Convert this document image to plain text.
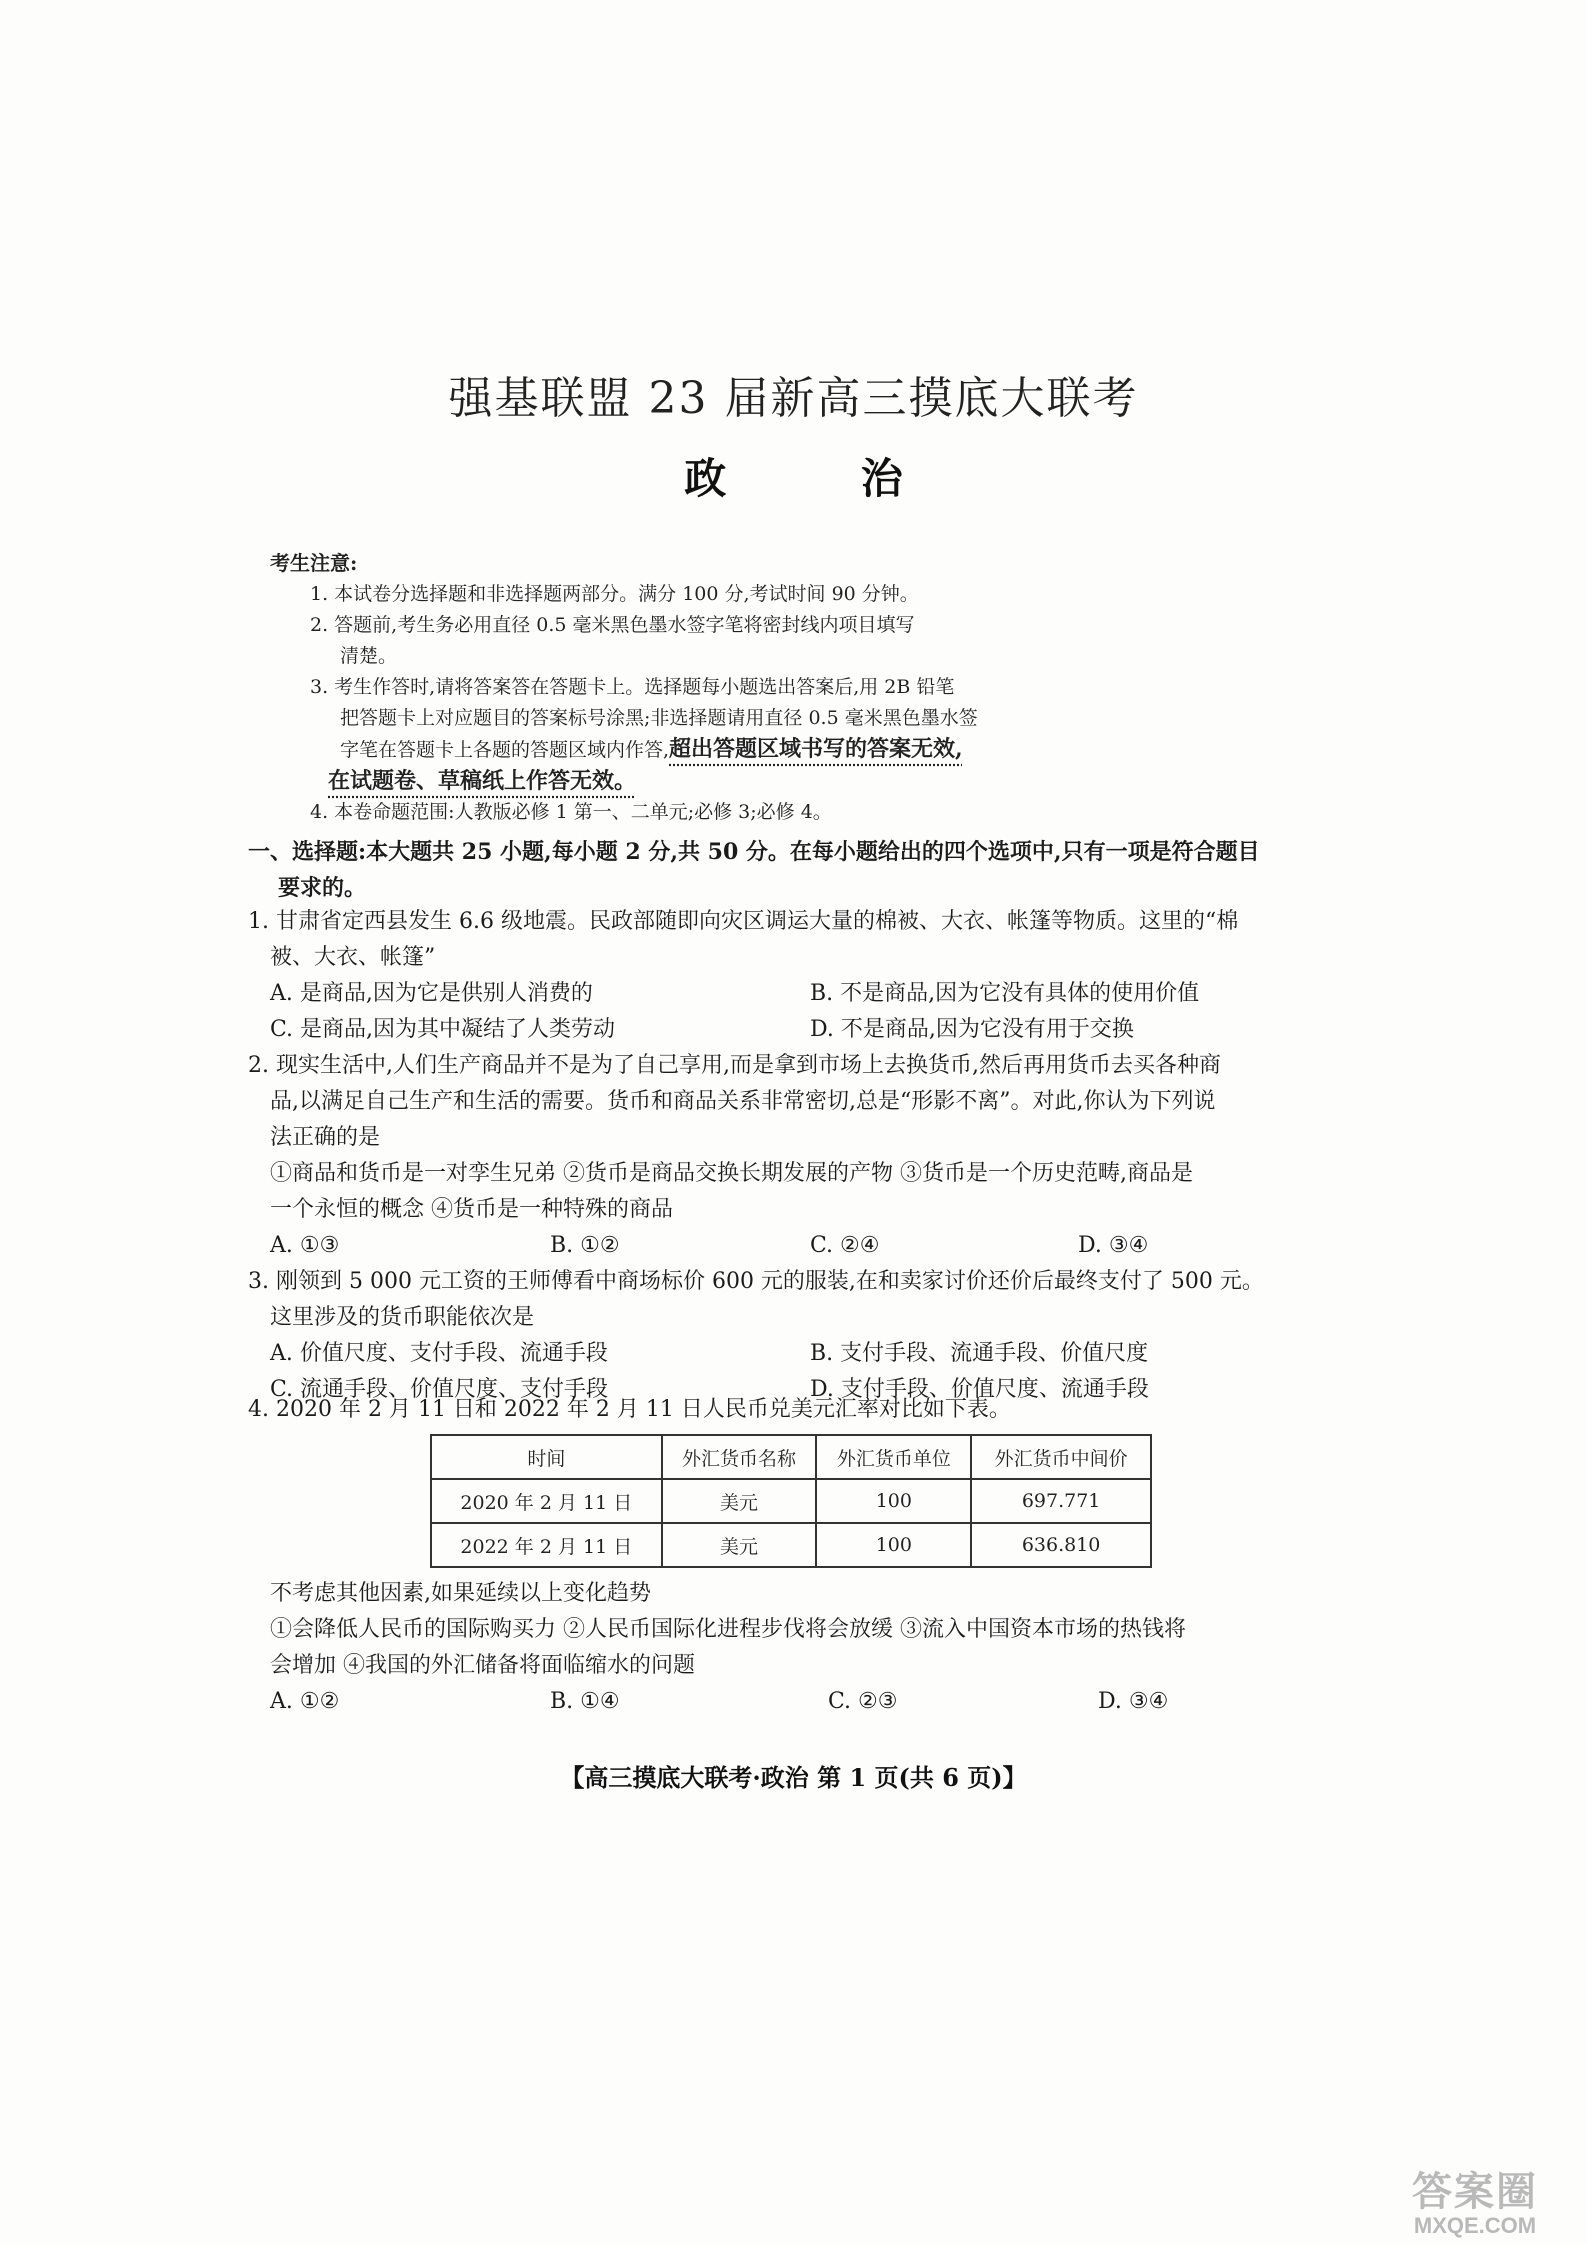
强基联盟 23 届新高三摸底大联考
政 治
考生注意:
1. 本试卷分选择题和非选择题两部分。满分 100 分,考试时间 90 分钟。
2. 答题前,考生务必用直径 0.5 毫米黑色墨水签字笔将密封线内项目填写
清楚。
3. 考生作答时,请将答案答在答题卡上。选择题每小题选出答案后,用 2B 铅笔
把答题卡上对应题目的答案标号涂黑;非选择题请用直径 0.5 毫米黑色墨水签
字笔在答题卡上各题的答题区域内作答,超出答题区域书写的答案无效,
在试题卷、草稿纸上作答无效。
4. 本卷命题范围:人教版必修 1 第一、二单元;必修 3;必修 4。
一、选择题:本大题共 25 小题,每小题 2 分,共 50 分。在每小题给出的四个选项中,只有一项是符合题目
要求的。
1. 甘肃省定西县发生 6.6 级地震。民政部随即向灾区调运大量的棉被、大衣、帐篷等物质。这里的“棉
被、大衣、帐篷”
A. 是商品,因为它是供别人消费的	B. 不是商品,因为它没有具体的使用价值
C. 是商品,因为其中凝结了人类劳动	D. 不是商品,因为它没有用于交换
2. 现实生活中,人们生产商品并不是为了自己享用,而是拿到市场上去换货币,然后再用货币去买各种商
品,以满足自己生产和生活的需要。货币和商品关系非常密切,总是“形影不离”。对此,你认为下列说
法正确的是
①商品和货币是一对孪生兄弟 ②货币是商品交换长期发展的产物 ③货币是一个历史范畴,商品是
一个永恒的概念 ④货币是一种特殊的商品
A. ①③	B. ①②	C. ②④	D. ③④
3. 刚领到 5 000 元工资的王师傅看中商场标价 600 元的服装,在和卖家讨价还价后最终支付了 500 元。
这里涉及的货币职能依次是
A. 价值尺度、支付手段、流通手段	B. 支付手段、流通手段、价值尺度
C. 流通手段、价值尺度、支付手段	D. 支付手段、价值尺度、流通手段
4. 2020 年 2 月 11 日和 2022 年 2 月 11 日人民币兑美元汇率对比如下表。
时间	外汇货币名称	外汇货币单位	外汇货币中间价
2020 年 2 月 11 日	美元	100	697.771
2022 年 2 月 11 日	美元	100	636.810
不考虑其他因素,如果延续以上变化趋势
①会降低人民币的国际购买力 ②人民币国际化进程步伐将会放缓 ③流入中国资本市场的热钱将
会增加 ④我国的外汇储备将面临缩水的问题
A. ①②	B. ①④	C. ②③	D. ③④
【高三摸底大联考·政治 第 1 页(共 6 页)】
答案圈
MXQE.COM
